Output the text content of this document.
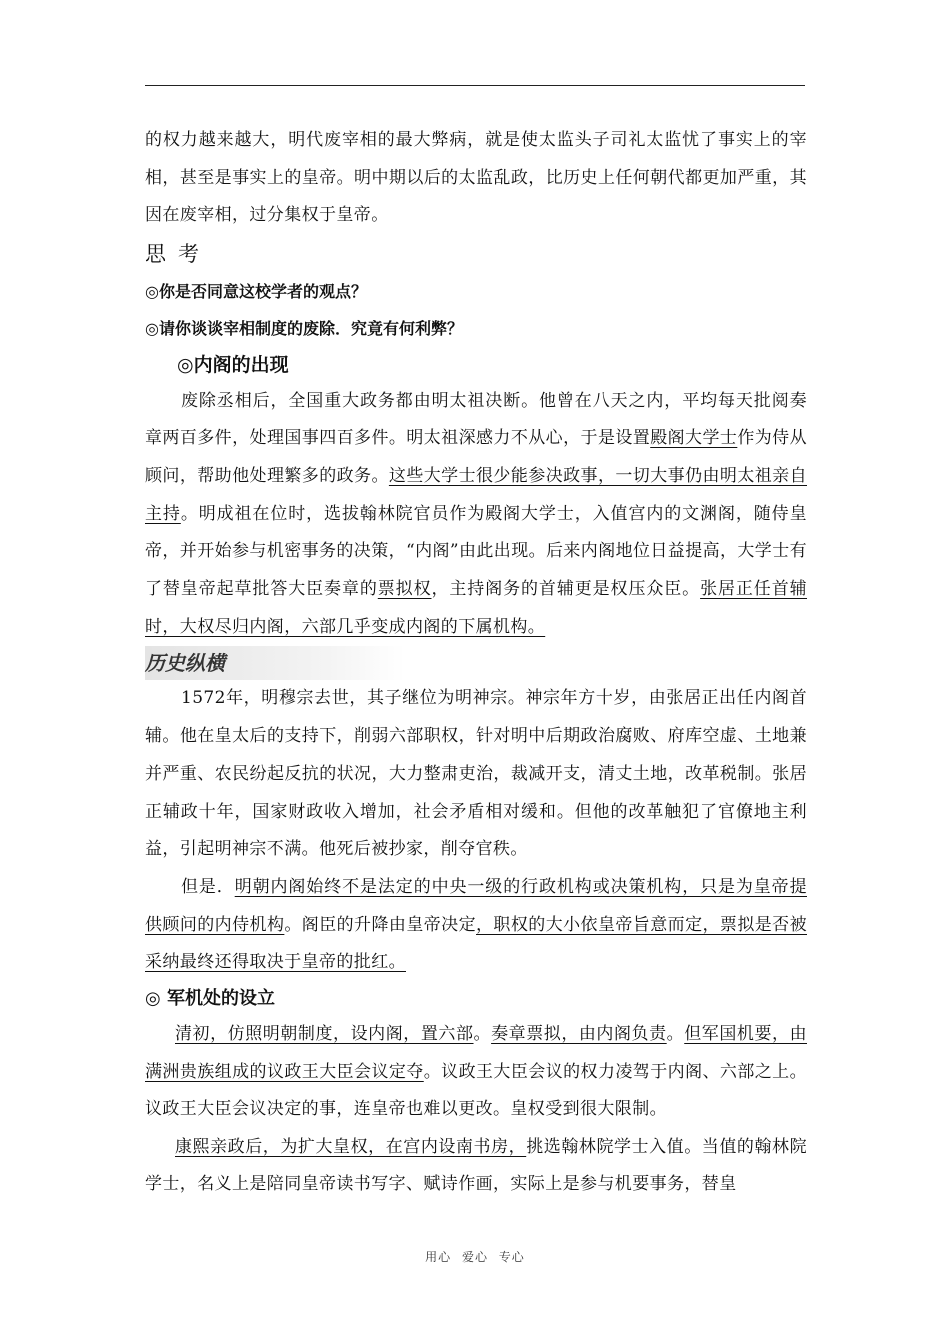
的权力越来越大，明代废宰相的最大弊病，就是使太监头子司礼太监忧了事实上的宰相，甚至是事实上的皇帝。明中期以后的太监乱政，比历史上任何朝代都更加严重，其因在废宰相，过分集权于皇帝。

思考

◎你是否同意这校学者的观点？

◎请你谈谈宰相制度的废除．究竟有何利弊？

◎内阁的出现

废除丞相后，全国重大政务都由明太祖决断。他曾在八天之内，平均每天批阅奏章两百多件，处理国事四百多件。明太祖深感力不从心，于是设置殿阁大学士作为侍从顾问，帮助他处理繁多的政务。这些大学士很少能参决政事，一切大事仍由明太祖亲自主持。明成祖在位时，选拔翰林院官员作为殿阁大学士，入值宫内的文渊阁，随侍皇帝，并开始参与机密事务的决策，“内阁”由此出现。后来内阁地位日益提高，大学士有了替皇帝起草批答大臣奏章的票拟权，主持阁务的首辅更是权压众臣。张居正任首辅时，大权尽归内阁，六部几乎变成内阁的下属机构。

历史纵横

1572年，明穆宗去世，其子继位为明神宗。神宗年方十岁，由张居正出任内阁首辅。他在皇太后的支持下，削弱六部职权，针对明中后期政治腐败、府库空虚、土地兼并严重、农民纷起反抗的状况，大力整肃吏治，裁减开支，清丈土地，改革税制。张居正辅政十年，国家财政收入增加，社会矛盾相对缓和。但他的改革触犯了官僚地主利益，引起明神宗不满。他死后被抄家，削夺官秩。

但是．明朝内阁始终不是法定的中央一级的行政机构或决策机构，只是为皇帝提供顾问的内侍机构。阁臣的升降由皇帝决定，职权的大小依皇帝旨意而定，票拟是否被采纳最终还得取决于皇帝的批红。

◎ 军机处的设立

清初，仿照明朝制度，设内阁，置六部。奏章票拟，由内阁负责。但军国机要，由满洲贵族组成的议政王大臣会议定夺。议政王大臣会议的权力凌驾于内阁、六部之上。议政王大臣会议决定的事，连皇帝也难以更改。皇权受到很大限制。

康熙亲政后，为扩大皇权，在宫内设南书房，挑选翰林院学士入值。当值的翰林院学士，名义上是陪同皇帝读书写字、赋诗作画，实际上是参与机要事务，替皇

用心 爱心 专心
